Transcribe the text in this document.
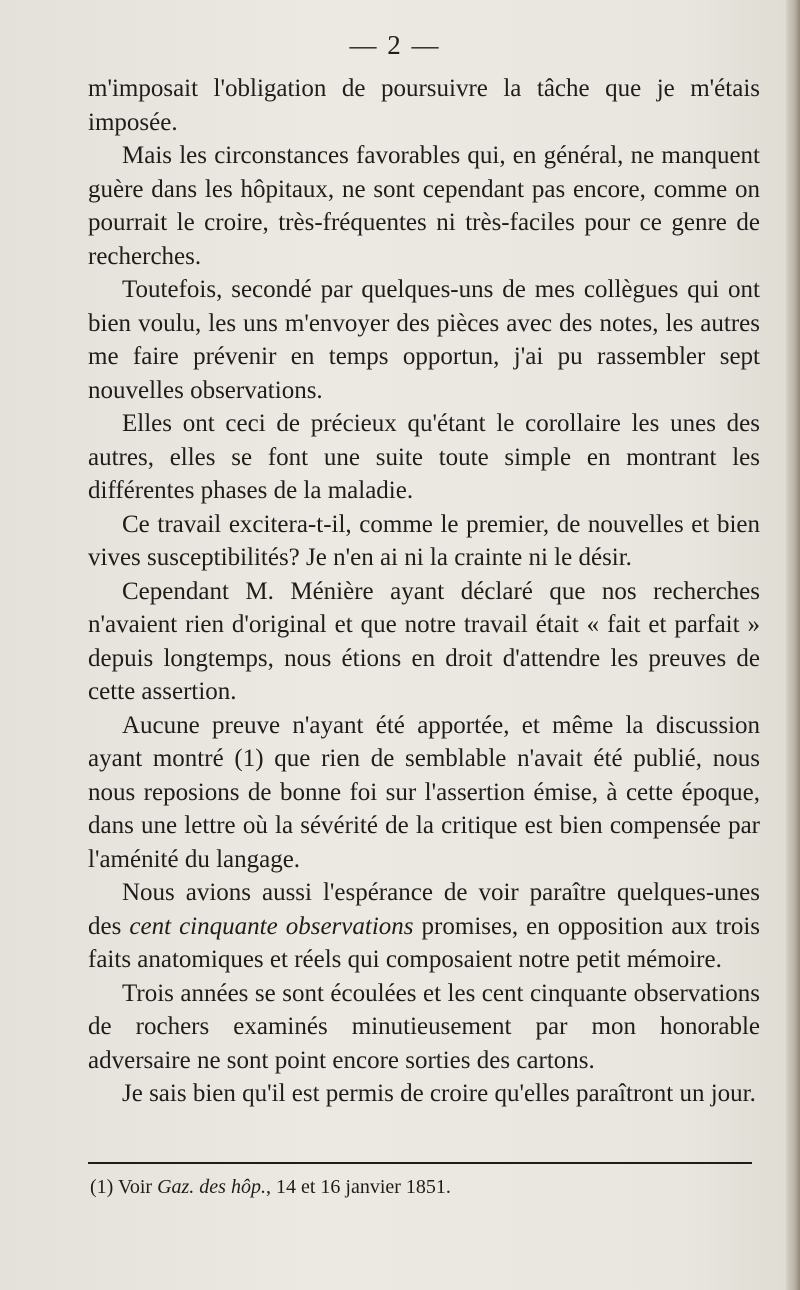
— 2 —

m'imposait l'obligation de poursuivre la tâche que je m'étais imposée.

Mais les circonstances favorables qui, en général, ne manquent guère dans les hôpitaux, ne sont cependant pas encore, comme on pourrait le croire, très-fréquentes ni très-faciles pour ce genre de recherches.

Toutefois, secondé par quelques-uns de mes collègues qui ont bien voulu, les uns m'envoyer des pièces avec des notes, les autres me faire prévenir en temps opportun, j'ai pu rassembler sept nouvelles observations.

Elles ont ceci de précieux qu'étant le corollaire les unes des autres, elles se font une suite toute simple en montrant les différentes phases de la maladie.

Ce travail excitera-t-il, comme le premier, de nouvelles et bien vives susceptibilités? Je n'en ai ni la crainte ni le désir.

Cependant M. Ménière ayant déclaré que nos recherches n'avaient rien d'original et que notre travail était « fait et parfait » depuis longtemps, nous étions en droit d'attendre les preuves de cette assertion.

Aucune preuve n'ayant été apportée, et même la discussion ayant montré (1) que rien de semblable n'avait été publié, nous nous reposions de bonne foi sur l'assertion émise, à cette époque, dans une lettre où la sévérité de la critique est bien compensée par l'aménité du langage.

Nous avions aussi l'espérance de voir paraître quelques-unes des cent cinquante observations promises, en opposition aux trois faits anatomiques et réels qui composaient notre petit mémoire.

Trois années se sont écoulées et les cent cinquante observations de rochers examinés minutieusement par mon honorable adversaire ne sont point encore sorties des cartons.

Je sais bien qu'il est permis de croire qu'elles paraîtront un jour.

(1) Voir Gaz. des hôp., 14 et 16 janvier 1851.
